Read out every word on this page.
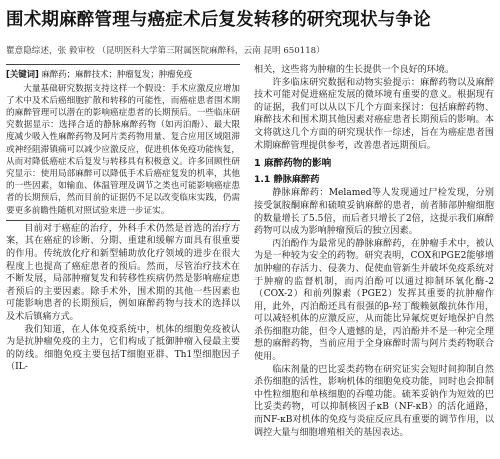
围术期麻醉管理与癌症术后复发转移的研究现状与争论
瞿意隐综述，张 毅审校 （昆明医科大学第三附属医院麻醉科，云南 昆明 650118）
[关键词] 麻醉药；麻醉技术；肿瘤复发；肿瘤免疫

大量基础研究数据支持这样一个假设：手术应激反应增加了术中及术后癌细胞扩散和转移的可能性，而癌症患者围术期的麻醉管理可以潜在的影响癌症患者的长期预后。一些临床研究数据显示：选择合适的静脉麻醉药物（如丙泊酚）、最大限度减少吸入性麻醉药物及阿片类药物用量、复合应用区域阻滞或神经阻滞镇痛可以减少应激反应，促进机体免疫功能恢复，从而对降低癌症术后复发与转移具有积极意义。许多回顾性研究显示：使用局部麻醉可以降低手术后癌症复发的机率，其他的一些因素，如输血、体温管理及调节之类也可能影响癌症患者的长期预后，然而目前的证据仍不足以改变临床实践，仍需要更多前瞻性随机对照试验来进一步证实。

目前对于癌症的治疗，外科手术仍然是首选的治疗方案，其在癌症的诊断、分期、重建和缓解方面具有很重要的作用。传统放化疗和新型辅助放化疗领域的进步在很大程度上也提高了癌症患者的预后。然而，尽管治疗技术在不断发展，局部肿瘤复发和转移性疾病仍然是影响癌症患者预后的主要因素。除手术外，围术期的其他一些因素也可能影响患者的长期预后，例如麻醉药物与技术的选择以及术后镇痛方式。

我们知道，在人体免疫系统中，机体的细胞免疫被认为是抗肿瘤免疫的主力，它们构成了抵御肿瘤入侵最主要的防线。细胞免疫主要包括T细胞亚群、Th1型细胞因子（IL-

相关，这些将为肿瘤的生长提供一个良好的环境。

许多临床研究数据和动物实验提示：麻醉药物以及麻醉技术可能对促进癌症发展的微环境有重要的意义。根据现有的证据，我们可以从以下几个方面来探讨：包括麻醉药物、麻醉技术和围术期其他因素对癌症患者长期预后的影响。本文将就这几个方面的研究现状作一综述，旨在为癌症患者围术期麻醉管理提供参考，改善患者远期预后。

1 麻醉药物的影响
1.1 静脉麻醉药

静脉麻醉药：Melamed等人发现通过尸检发现，分别接受氯胺酮麻醉和硫喷妥钠麻醉的患者，前者肺部肿瘤细胞的数量增长了5.5倍，而后者只增长了2倍，这提示我们麻醉药物可以成为影响肿瘤预后的独立因素。

丙泊酚作为最常见的静脉麻醉药，在肿瘤手术中，被认为是一种较为安全的药物。研究表明，COX和PGE2能够增加肿瘤的存活力、侵袭力、促使血管新生并破坏免疫系统对于肿瘤的监督机制，而丙泊酚可以通过抑制环氧化酶-2（COX-2）和前列腺素（PGE2）发挥其重要的抗肿瘤作用，此外，丙泊酚还具有很强的β-羟丁酸赖氨酸抗体作用，可以减轻机体的应激反应，从而能比异氟烷更好地保护自然杀伤细胞功能，但令人遗憾的是，丙泊酚并不是一种完全理想的麻醉药物，当前应用于全身麻醉时需与阿片类药物联合使用。

临床剂量的巴比妥类药物在研究证实会短时间抑制自然杀伤细胞的活性，影响机体的细胞免疫功能，同时也会抑制中性粒细胞和单核细胞的吞噬功能。硫苯妥钠作为短效的巴比妥类药物，可以抑制核因子κB（NF-κB）的活化通路，而NF-κB对机体的免疫与炎症反应具有重要的调节作用，以调控大量与细胞增殖相关的基因表达。
